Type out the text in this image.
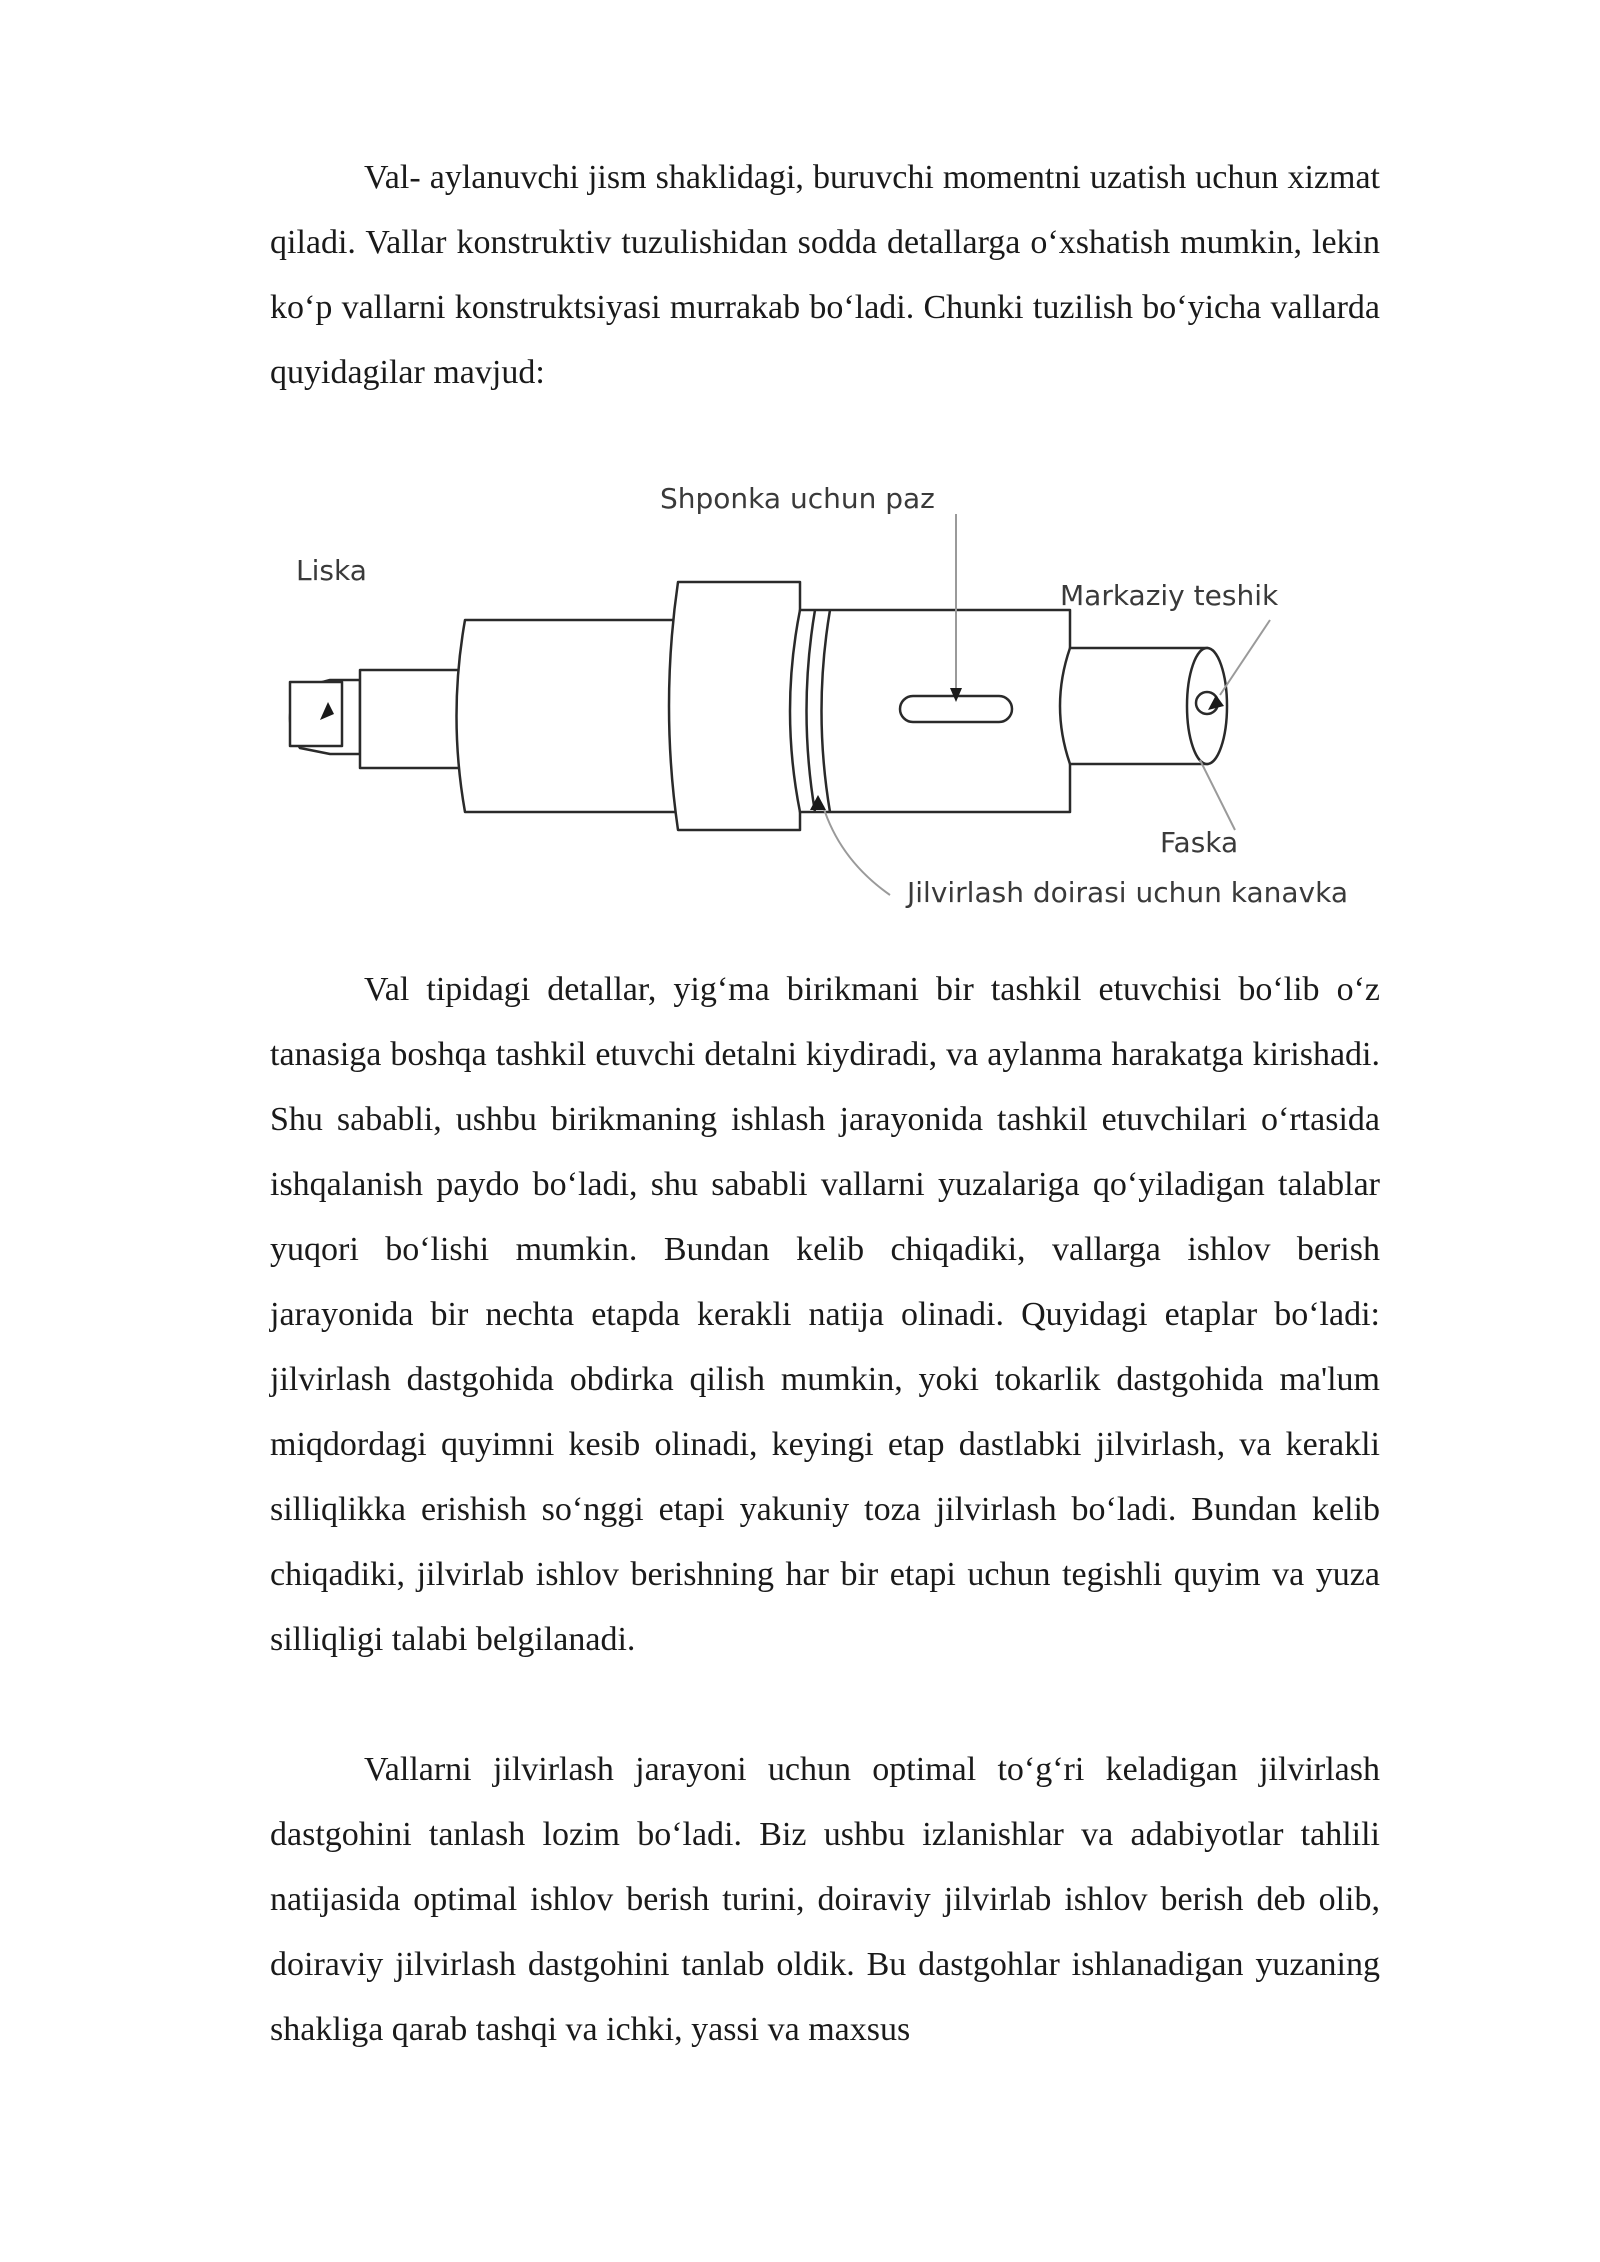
Val- aylanuvchi jism shaklidagi, buruvchi momentni uzatish uchun xizmat qiladi. Vallar konstruktiv tuzulishidan sodda detallarga o‘xshatish mumkin, lekin ko‘p vallarni konstruktsiyasi murrakab bo‘ladi. Chunki tuzilish bo‘yicha vallarda quyidagilar mavjud:

Shponka uchun paz
Liska
Markaziy teshik
Faska
Jilvirlash doirasi uchun kanavka

Val tipidagi detallar, yig‘ma birikmani bir tashkil etuvchisi bo‘lib o‘z tanasiga boshqa tashkil etuvchi detalni kiydiradi, va aylanma harakatga kirishadi. Shu sababli, ushbu birikmaning ishlash jarayonida tashkil etuvchilari o‘rtasida ishqalanish paydo bo‘ladi, shu sababli vallarni yuzalariga qo‘yiladigan talablar yuqori bo‘lishi mumkin. Bundan kelib chiqadiki, vallarga ishlov berish jarayonida bir nechta etapda kerakli natija olinadi. Quyidagi etaplar bo‘ladi: jilvirlash dastgohida obdirka qilish mumkin, yoki tokarlik dastgohida ma'lum miqdordagi quyimni kesib olinadi, keyingi etap dastlabki jilvirlash, va kerakli silliqlikka erishish so‘nggi etapi yakuniy toza jilvirlash bo‘ladi. Bundan kelib chiqadiki, jilvirlab ishlov berishning har bir etapi uchun tegishli quyim va yuza silliqligi talabi belgilanadi.

Vallarni jilvirlash jarayoni uchun optimal to‘g‘ri keladigan jilvirlash dastgohini tanlash lozim bo‘ladi. Biz ushbu izlanishlar va adabiyotlar tahlili natijasida optimal ishlov berish turini, doiraviy jilvirlab ishlov berish deb olib, doiraviy jilvirlash dastgohini tanlab oldik. Bu dastgohlar ishlanadigan yuzaning shakliga qarab tashqi va ichki, yassi va maxsus
